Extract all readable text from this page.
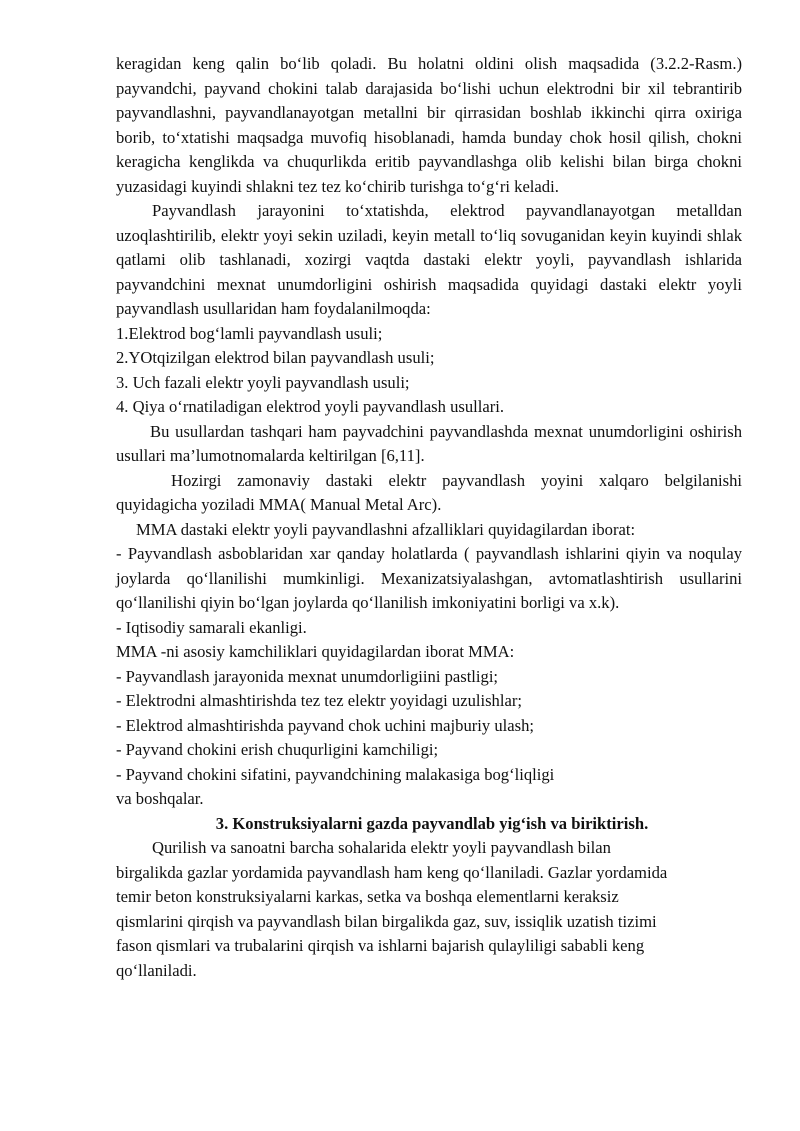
keragidan keng qalin bo‘lib qoladi. Bu holatni oldini olish maqsadida (3.2.2-Rasm.) payvandchi, payvand chokini talab darajasida bo‘lishi uchun elektrodni bir xil tebrantirib payvandlashni, payvandlanayotgan metallni bir qirrasidan boshlab ikkinchi qirra oxiriga borib, to‘xtatishi maqsadga muvofiq hisoblanadi, hamda bunday chok hosil qilish, chokni keragicha kenglikda va chuqurlikda eritib payvandlashga olib kelishi bilan birga chokni yuzasidagi kuyindi shlakni tez tez ko‘chirib turishga to‘g‘ri keladi.

Payvandlash jarayonini to‘xtatishda, elektrod payvandlanayotgan metalldan uzoqlashtirilib, elektr yoyi sekin uziladi, keyin metall to‘liq sovuganidan keyin kuyindi shlak qatlami olib tashlanadi, xozirgi vaqtda dastaki elektr yoyli, payvandlash ishlarida payvandchini mexnat unumdorligini oshirish maqsadida quyidagi dastaki elektr yoyli payvandlash usullaridan ham foydalanilmoqda:

1.Elektrod bog‘lamli payvandlash usuli;

2.YOtqizilgan elektrod bilan payvandlash usuli;

3. Uch fazali elektr yoyli payvandlash usuli;

4. Qiya o‘rnatiladigan elektrod yoyli payvandlash usullari.

Bu usullardan tashqari ham payvadchini payvandlashda mexnat unumdorligini oshirish usullari ma’lumotnomalarda keltirilgan [6,11].

Hozirgi zamonaviy dastaki elektr payvandlash yoyini xalqaro belgilanishi quyidagicha yoziladi MMA( Manual Metal Arc).

MMA dastaki elektr yoyli payvandlashni afzalliklari quyidagilardan iborat:

- Payvandlash asboblaridan xar qanday holatlarda ( payvandlash ishlarini qiyin va noqulay joylarda qo‘llanilishi mumkinligi. Mexanizatsiyalashgan, avtomatlashtirish usullarini qo‘llanilishi qiyin bo‘lgan joylarda qo‘llanilish imkoniyatini borligi va x.k).

- Iqtisodiy samarali ekanligi.

MMA -ni asosiy kamchiliklari quyidagilardan iborat MMA:

- Payvandlash jarayonida mexnat unumdorligiini pastligi;

- Elektrodni almashtirishda tez tez elektr yoyidagi uzulishlar;

- Elektrod almashtirishda payvand chok uchini majburiy ulash;

- Payvand chokini erish chuqurligini kamchiligi;

- Payvand chokini sifatini, payvandchining malakasiga bog‘liqligi

va boshqalar.

3. Konstruksiyalarni gazda payvandlab yig‘ish va biriktirish.

Qurilish va sanoatni barcha sohalarida elektr yoyli payvandlash bilan

birgalikda gazlar yordamida payvandlash ham keng qo‘llaniladi. Gazlar yordamida

temir beton konstruksiyalarni karkas, setka va boshqa elementlarni keraksiz

qismlarini qirqish va payvandlash bilan birgalikda gaz, suv, issiqlik uzatish tizimi

fason qismlari va trubalarini qirqish va ishlarni bajarish qulayliligi sababli keng

qo‘llaniladi.
